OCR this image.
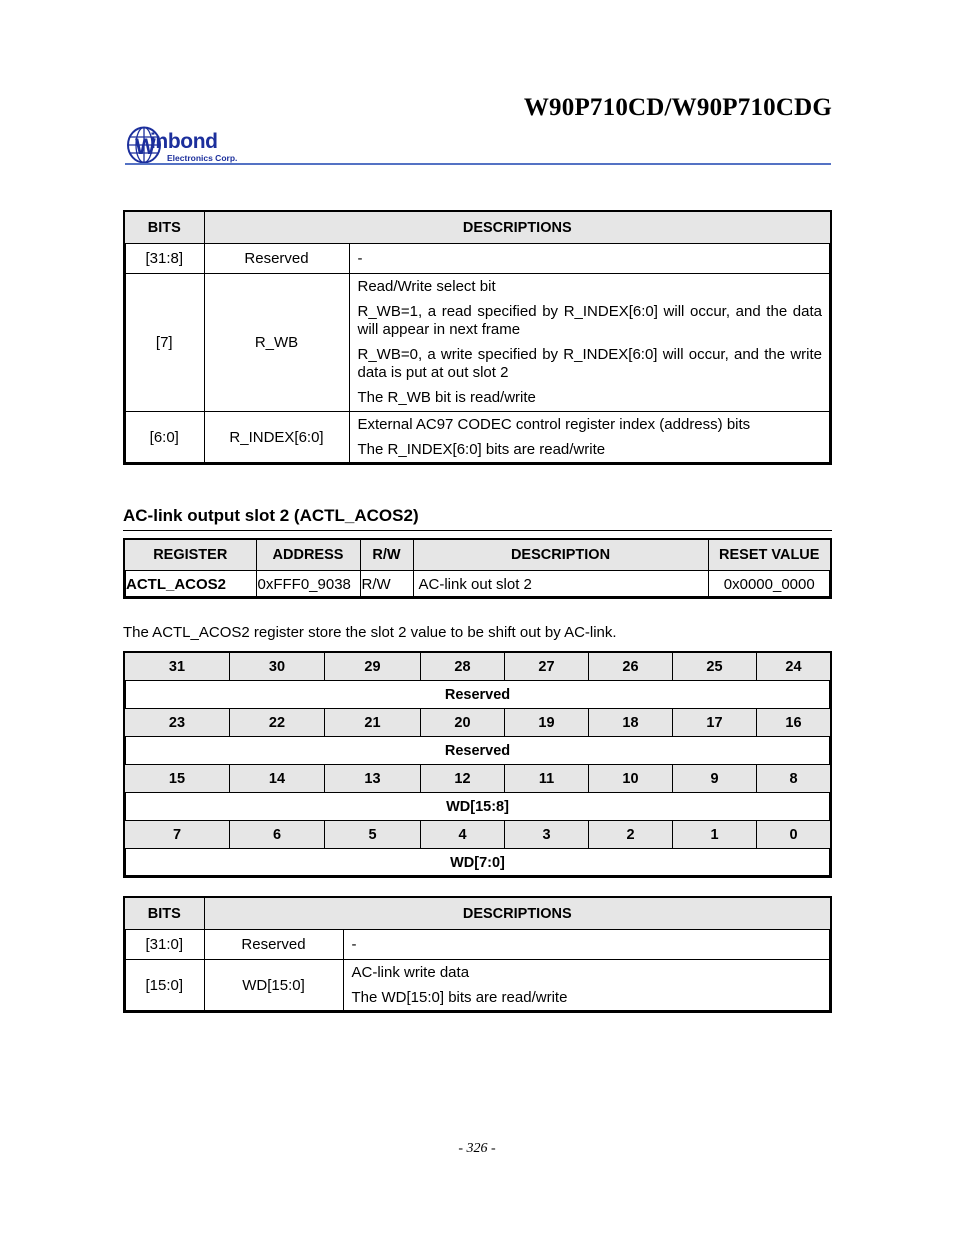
W90P710CD/W90P710CDG
W
inbond
Electronics Corp.
BITS	DESCRIPTIONS	
[31:8]	Reserved	-

[7]	R_WB	Read/Write select bit

R_WB=1, a read specified by R_INDEX[6:0] will occur, and the data will appear in next frame

R_WB=0, a write specified by R_INDEX[6:0] will occur, and the write data is put at out slot 2

The R_WB bit is read/write

[6:0]	R_INDEX[6:0]	External AC97 CODEC control register index (address) bits

The R_INDEX[6:0] bits are read/write

AC-link output slot 2 (ACTL_ACOS2)
REGISTER	ADDRESS	R/W	DESCRIPTION	RESET VALUE
ACTL_ACOS2	0xFFF0_9038	R/W	AC-link out slot 2	0x0000_0000
The ACTL_ACOS2 register store the slot 2 value to be shift out by AC-link.
31	30	29	28	27	26	25	24
Reserved							
23	22	21	20	19	18	17	16
Reserved							
15	14	13	12	11	10	9	8
WD[15:8]							
7	6	5	4	3	2	1	0
WD[7:0]							
BITS	DESCRIPTIONS	
[31:0]	Reserved	-

[15:0]	WD[15:0]	AC-link write data

The WD[15:0] bits are read/write

- 326 -
